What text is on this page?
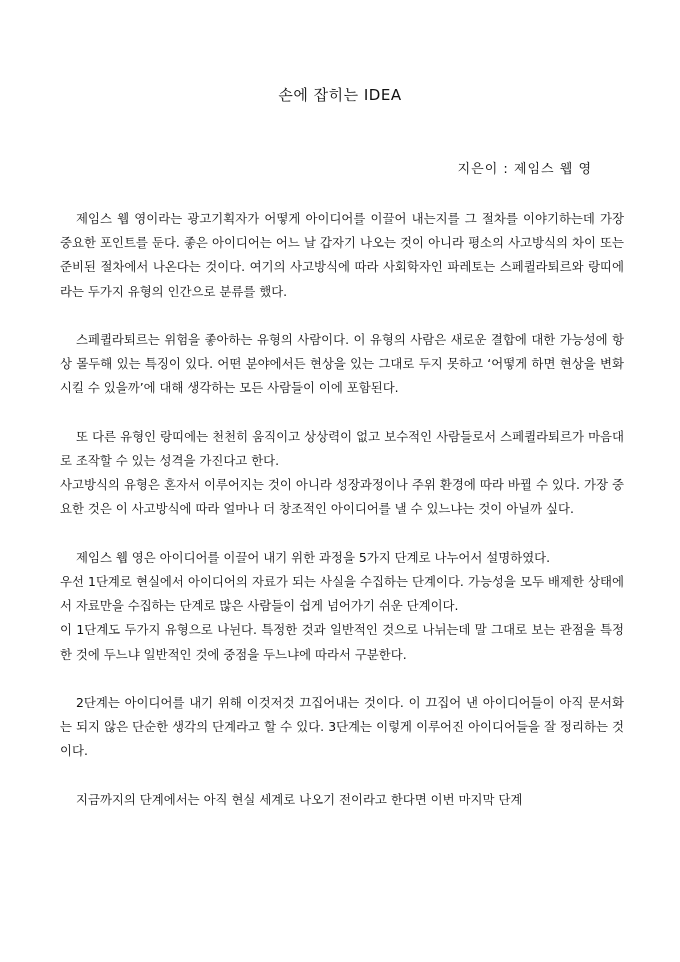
손에 잡히는 IDEA
지은이 : 제임스 웹 영

제임스 웹 영이라는 광고기획자가 어떻게 아이디어를 이끌어 내는지를 그 절차를 이야기하는데 가장 중요한 포인트를 둔다. 좋은 아이디어는 어느 날 갑자기 나오는 것이 아니라 평소의 사고방식의 차이 또는 준비된 절차에서 나온다는 것이다. 여기의 사고방식에 따라 사회학자인 파레토는 스페퀼라퇴르와 랑띠에라는 두가지 유형의 인간으로 분류를 했다.

스페퀼라퇴르는 위험을 좋아하는 유형의 사람이다. 이 유형의 사람은 새로운 결합에 대한 가능성에 항상 몰두해 있는 특징이 있다. 어떤 분야에서든 현상을 있는 그대로 두지 못하고 ‘어떻게 하면 현상을 변화시킬 수 있을까’에 대해 생각하는 모든 사람들이 이에 포함된다.

또 다른 유형인 랑띠에는 천천히 움직이고 상상력이 없고 보수적인 사람들로서 스페퀼라퇴르가 마음대로 조작할 수 있는 성격을 가진다고 한다.

사고방식의 유형은 혼자서 이루어지는 것이 아니라 성장과정이나 주위 환경에 따라 바뀔 수 있다. 가장 중요한 것은 이 사고방식에 따라 얼마나 더 창조적인 아이디어를 낼 수 있느냐는 것이 아닐까 싶다.

제임스 웹 영은 아이디어를 이끌어 내기 위한 과정을 5가지 단계로 나누어서 설명하였다.

우선 1단계로 현실에서 아이디어의 자료가 되는 사실을 수집하는 단계이다. 가능성을 모두 배제한 상태에서 자료만을 수집하는 단계로 많은 사람들이 쉽게 넘어가기 쉬운 단계이다.

이 1단계도 두가지 유형으로 나뉜다. 특정한 것과 일반적인 것으로 나뉘는데 말 그대로 보는 관점을 특정한 것에 두느냐 일반적인 것에 중점을 두느냐에 따라서 구분한다.

2단계는 아이디어를 내기 위해 이것저것 끄집어내는 것이다. 이 끄집어 낸 아이디어들이 아직 문서화는 되지 않은 단순한 생각의 단계라고 할 수 있다. 3단계는 이렇게 이루어진 아이디어들을 잘 정리하는 것이다.

지금까지의 단계에서는 아직 현실 세계로 나오기 전이라고 한다면 이번 마지막 단계
